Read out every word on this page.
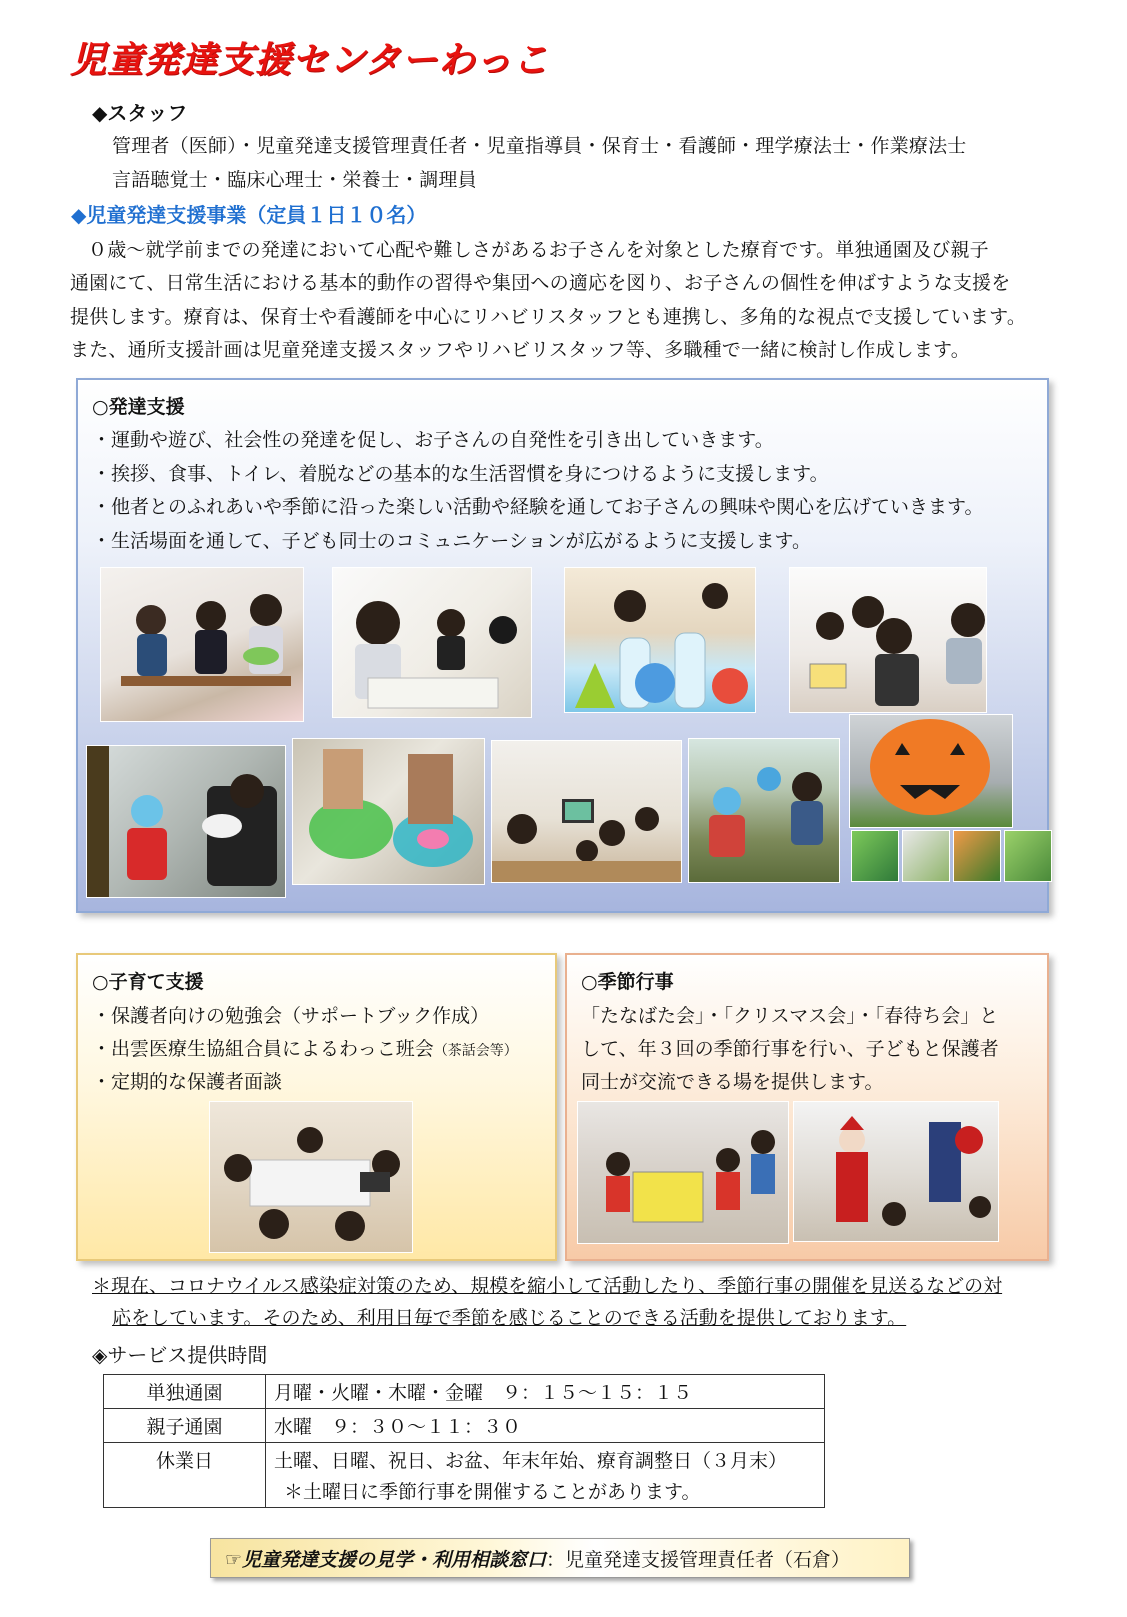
児童発達支援センターわっこ
◆スタッフ
管理者（医師）・児童発達支援管理責任者・児童指導員・保育士・看護師・理学療法士・作業療法士
言語聴覚士・臨床心理士・栄養士・調理員
◆児童発達支援事業（定員１日１０名）
０歳～就学前までの発達において心配や難しさがあるお子さんを対象とした療育です。単独通園及び親子
通園にて、日常生活における基本的動作の習得や集団への適応を図り、お子さんの個性を伸ばすような支援を
提供します。療育は、保育士や看護師を中心にリハビリスタッフとも連携し、多角的な視点で支援しています。
また、通所支援計画は児童発達支援スタッフやリハビリスタッフ等、多職種で一緒に検討し作成します。
○発達支援
・運動や遊び、社会性の発達を促し、お子さんの自発性を引き出していきます。
・挨拶、食事、トイレ、着脱などの基本的な生活習慣を身につけるように支援します。
・他者とのふれあいや季節に沿った楽しい活動や経験を通してお子さんの興味や関心を広げていきます。
・生活場面を通して、子ども同士のコミュニケーションが広がるように支援します。
○子育て支援
・保護者向けの勉強会（サポートブック作成）
・出雲医療生協組合員によるわっこ班会（茶話会等）
・定期的な保護者面談
○季節行事
「たなばた会」・「クリスマス会」・「春待ち会」と
して、年３回の季節行事を行い、子どもと保護者
同士が交流できる場を提供します。
＊現在、コロナウイルス感染症対策のため、規模を縮小して活動したり、季節行事の開催を見送るなどの対
応をしています。そのため、利用日毎で季節を感じることのできる活動を提供しております。
◈サービス提供時間
単独通園	月曜・火曜・木曜・金曜　９：１５～１５：１５
親子通園	水曜　９：３０～１１：３０
休業日	土曜、日曜、祝日、お盆、年末年始、療育調整日（３月末）
＊土曜日に季節行事を開催することがあります。
☞児童発達支援の見学・利用相談窓口 ：児童発達支援管理責任者（石倉）
